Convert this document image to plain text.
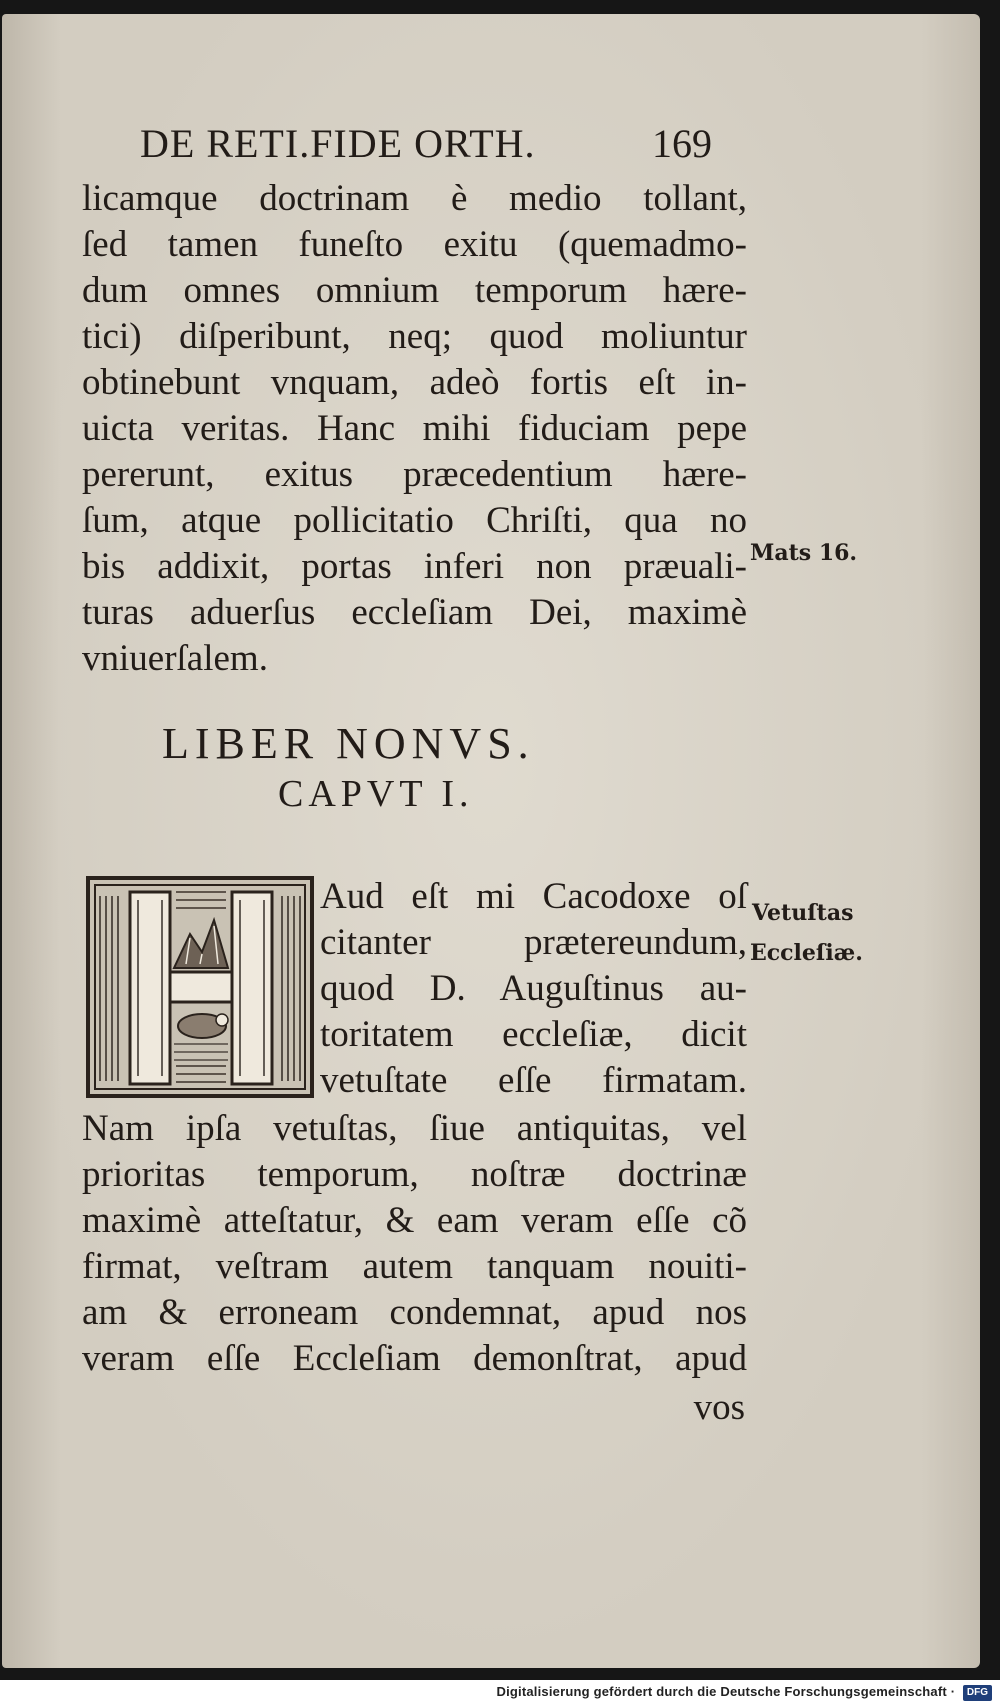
DE RETI.FIDE ORTH.	169
licamque doctrinam è medio tollant,
ſed tamen funeſto exitu (quemadmo-
dum omnes omnium temporum hære-
tici) diſperibunt, neq; quod moliuntur
obtinebunt vnquam, adeò fortis eſt in-
uicta veritas. Hanc mihi fiduciam pepe
pererunt, exitus præcedentium hære-
ſum, atque pollicitatio Chriſti, qua no
bis addixit, portas inferi non præuali-
turas aduerſus eccleſiam Dei, maximè
vniuerſalem.
Mats 16.
LIBER NONVS.
CAPVT I.
Aud eſt mi Cacodoxe oſ
citanter prætereundum,
quod D. Auguſtinus au-
toritatem eccleſiæ, dicit
vetuſtate eſſe firmatam.
Vetuſtas
Eccleſiæ.
Nam ipſa vetuſtas, ſiue antiquitas, vel
prioritas temporum, noſtræ doctrinæ
maximè atteſtatur, & eam veram eſſe cõ
firmat, veſtram autem tanquam nouiti-
am & erroneam condemnat, apud nos
veram eſſe Eccleſiam demonſtrat, apud
vos
Digitalisierung gefördert durch die Deutsche Forschungsgemeinschaft · DFG
